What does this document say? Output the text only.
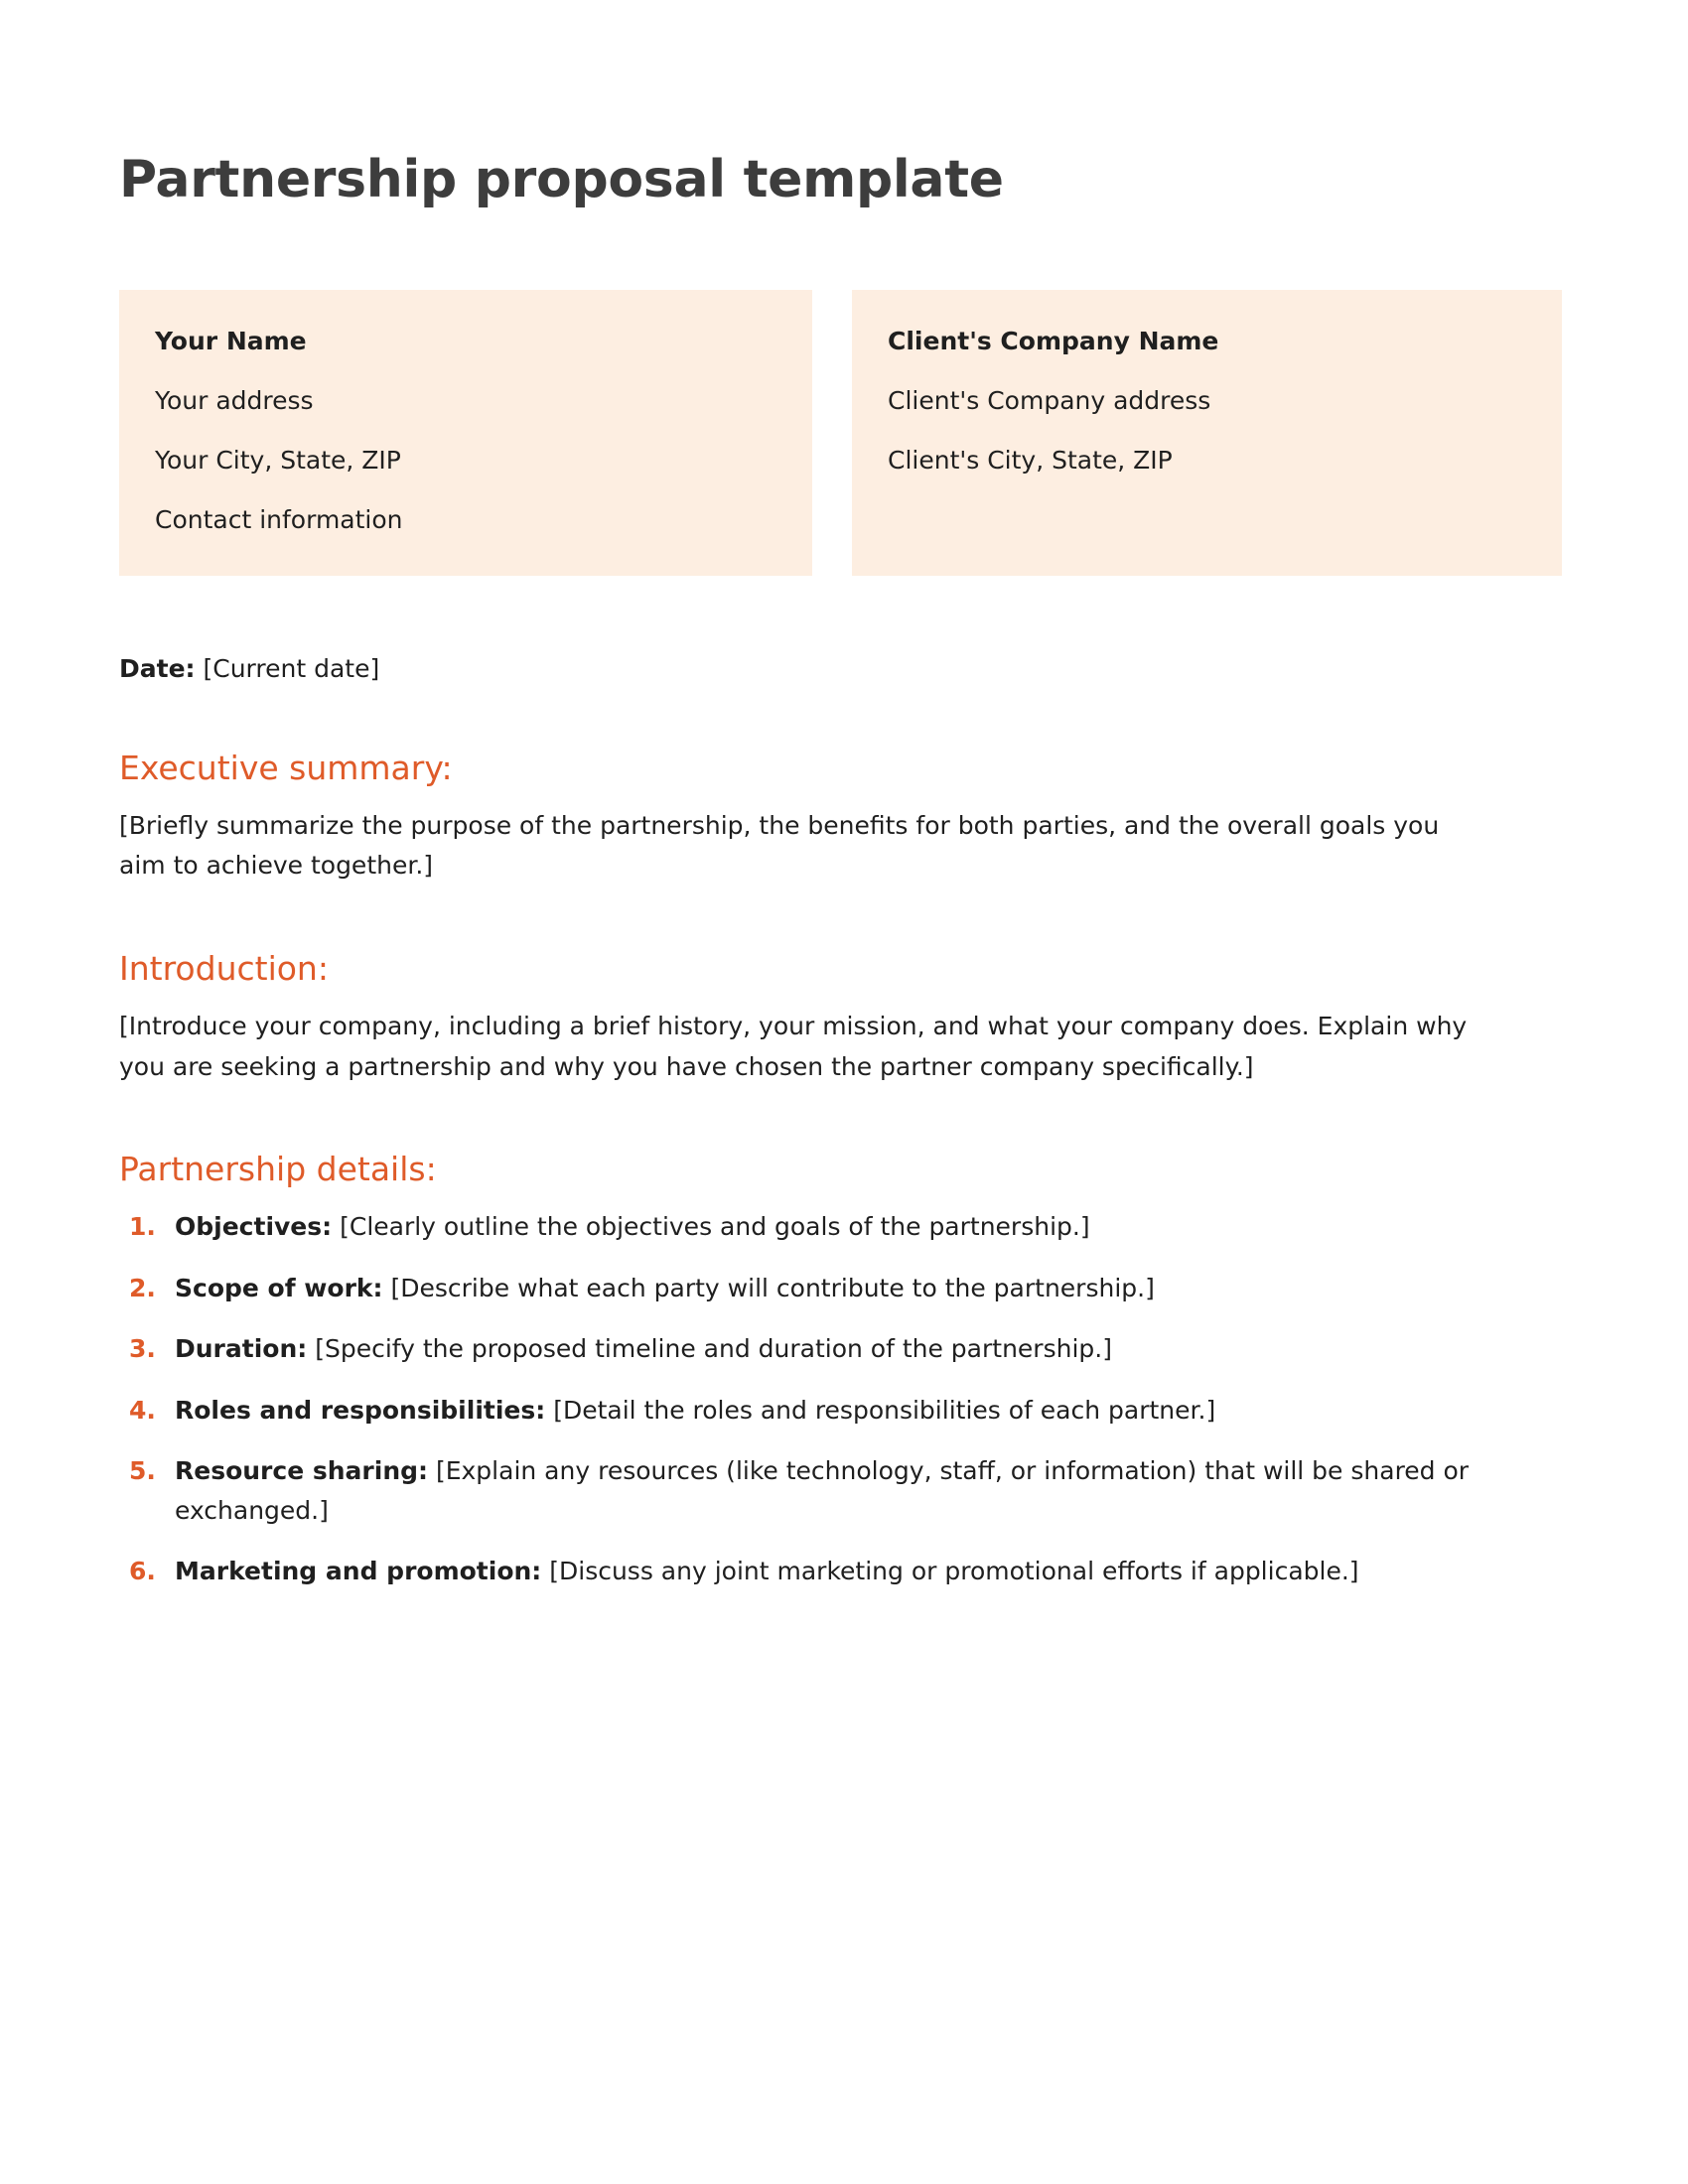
Partnership proposal template

Your Name

Your address

Your City, State, ZIP

Contact information

Client's Company Name

Client's Company address

Client's City, State, ZIP

Date: [Current date]

Executive summary:

[Briefly summarize the purpose of the partnership, the benefits for both parties, and the overall goals you aim to achieve together.]

Introduction:

[Introduce your company, including a brief history, your mission, and what your company does. Explain why you are seeking a partnership and why you have chosen the partner company specifically.]

Partnership details:
Objectives: [Clearly outline the objectives and goals of the partnership.]
Scope of work: [Describe what each party will contribute to the partnership.]
Duration: [Specify the proposed timeline and duration of the partnership.]
Roles and responsibilities: [Detail the roles and responsibilities of each partner.]
Resource sharing: [Explain any resources (like technology, staff, or information) that will be shared or exchanged.]
Marketing and promotion: [Discuss any joint marketing or promotional efforts if applicable.]
